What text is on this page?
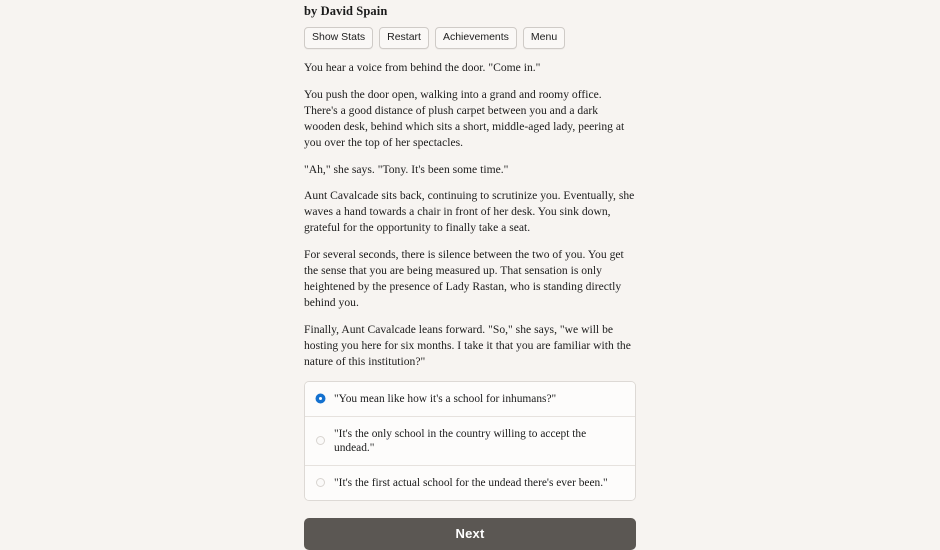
by David Spain
Show Stats	Restart	Achievements	Menu

You hear a voice from behind the door. "Come in."

You push the door open, walking into a grand and roomy office. There's a good distance of plush carpet between you and a dark wooden desk, behind which sits a short, middle-aged lady, peering at you over the top of her spectacles.

"Ah," she says. "Tony. It's been some time."

Aunt Cavalcade sits back, continuing to scrutinize you. Eventually, she waves a hand towards a chair in front of her desk. You sink down, grateful for the opportunity to finally take a seat.

For several seconds, there is silence between the two of you. You get the sense that you are being measured up. That sensation is only heightened by the presence of Lady Rastan, who is standing directly behind you.

Finally, Aunt Cavalcade leans forward. "So," she says, "we will be hosting you here for six months. I take it that you are familiar with the nature of this institution?"

"You mean like how it's a school for inhumans?"
"It's the only school in the country willing to accept the undead."
"It's the first actual school for the undead there's ever been."
Next
